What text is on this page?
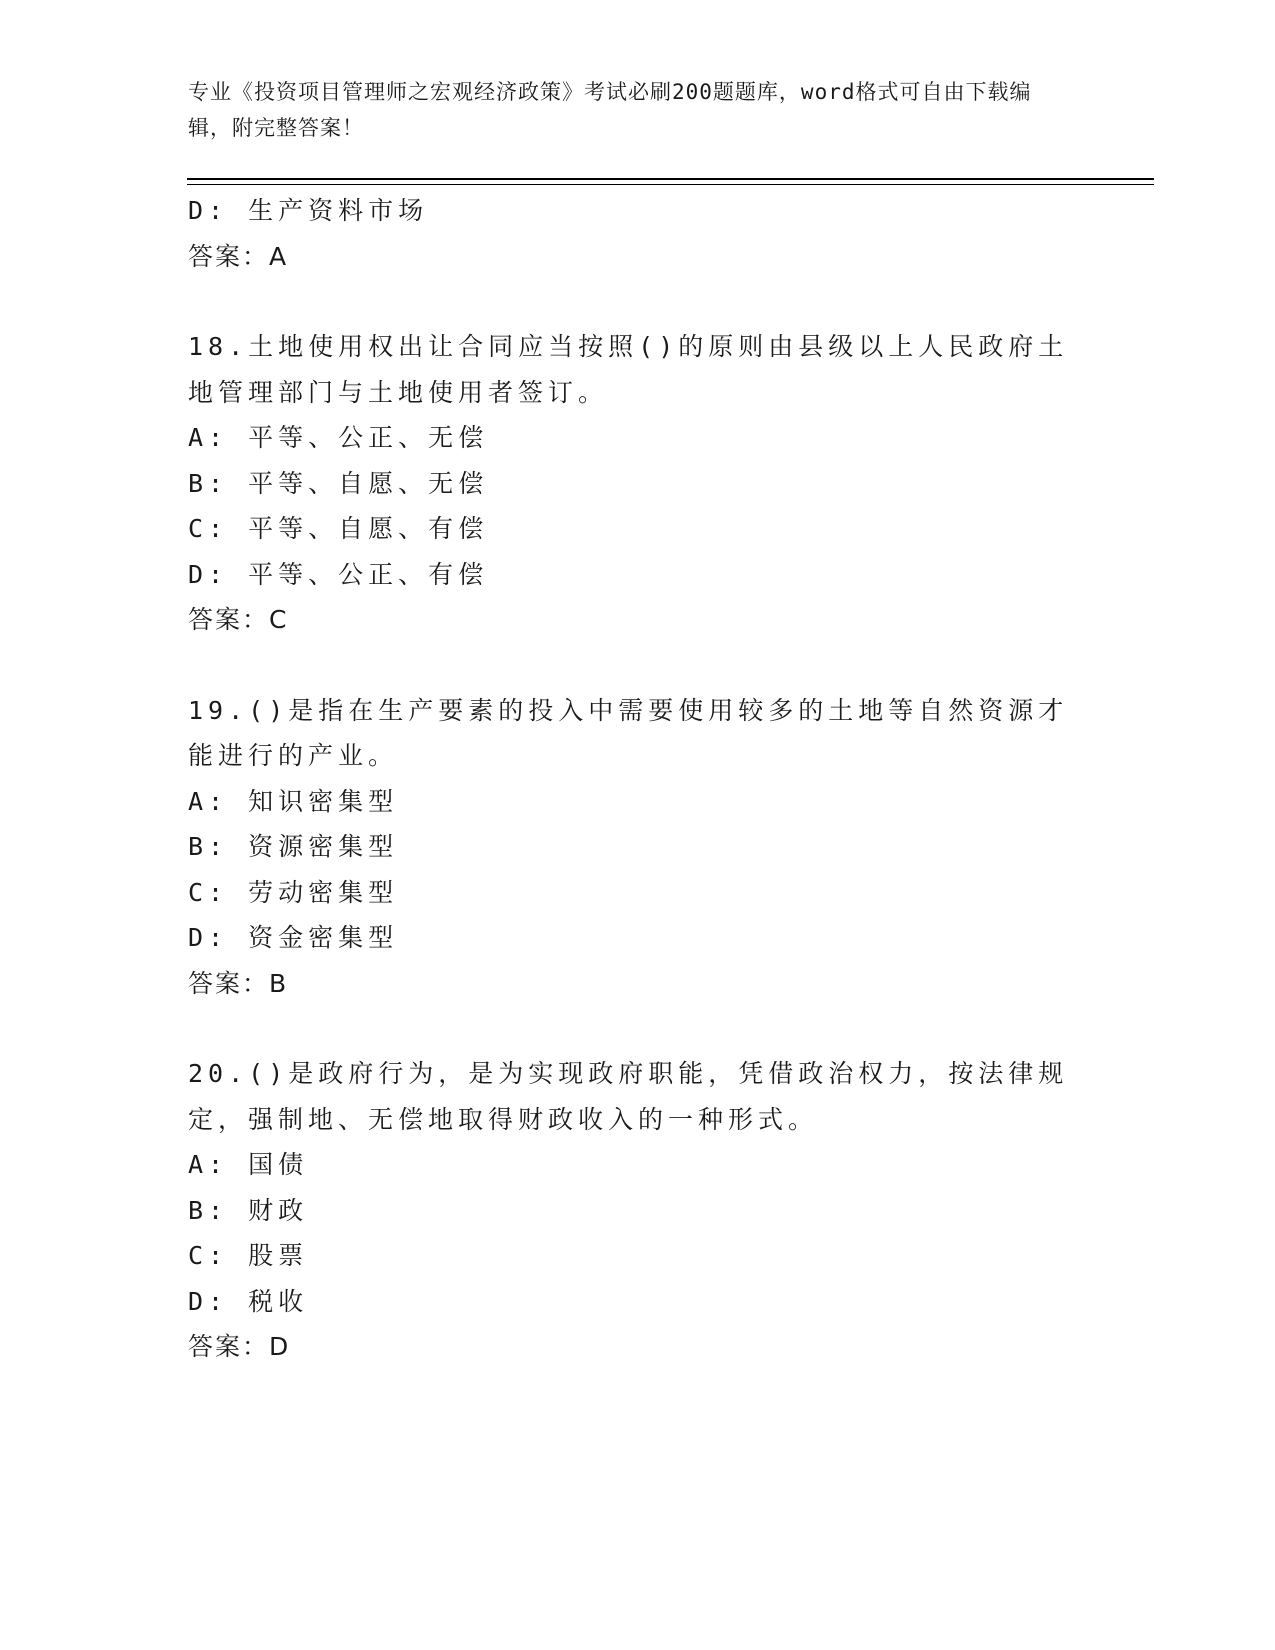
专业《投资项目管理师之宏观经济政策》考试必刷200题题库，word格式可自由下载编辑，附完整答案！
D: 生产资料市场
答案：A
18.土地使用权出让合同应当按照()的原则由县级以上人民政府土地管理部门与土地使用者签订。
A: 平等、公正、无偿
B: 平等、自愿、无偿
C: 平等、自愿、有偿
D: 平等、公正、有偿
答案：C
19.()是指在生产要素的投入中需要使用较多的土地等自然资源才能进行的产业。
A: 知识密集型
B: 资源密集型
C: 劳动密集型
D: 资金密集型
答案：B
20.()是政府行为，是为实现政府职能，凭借政治权力，按法律规定，强制地、无偿地取得财政收入的一种形式。
A: 国债
B: 财政
C: 股票
D: 税收
答案：D
